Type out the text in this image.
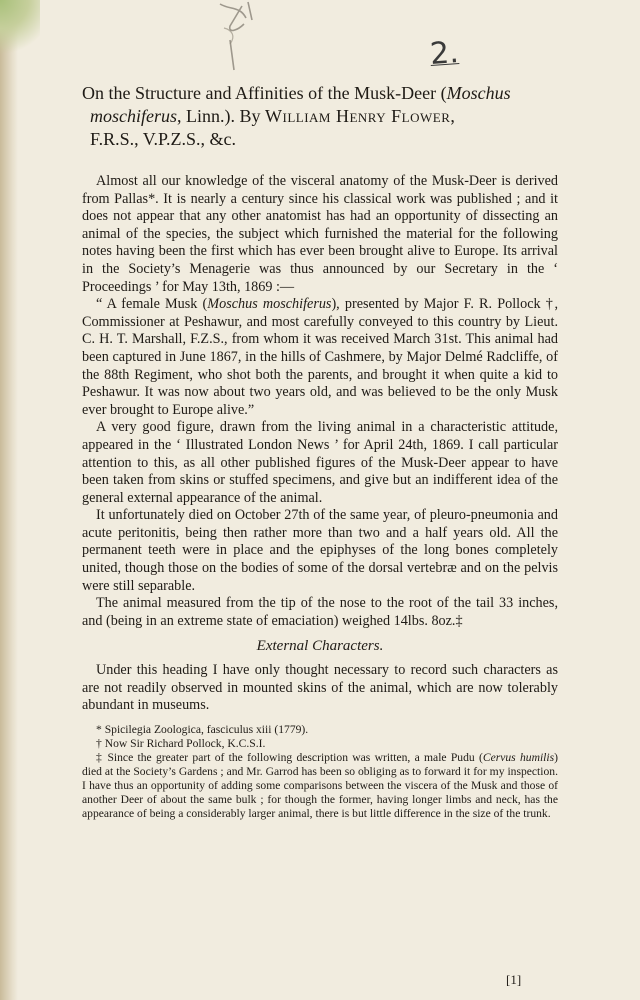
2.
On the Structure and Affinities of the Musk-Deer (Moschus
moschiferus, Linn.). By William Henry Flower,
F.R.S., V.P.Z.S., &c.

Almost all our knowledge of the visceral anatomy of the Musk-Deer is derived from Pallas*. It is nearly a century since his classical work was published ; and it does not appear that any other anatomist has had an opportunity of dissecting an animal of the species, the subject which furnished the material for the following notes having been the first which has ever been brought alive to Europe. Its arrival in the Society’s Menagerie was thus announced by our Secretary in the ‘ Proceedings ’ for May 13th, 1869 :—

“ A female Musk (Moschus moschiferus), presented by Major F. R. Pollock †, Commissioner at Peshawur, and most carefully conveyed to this country by Lieut. C. H. T. Marshall, F.Z.S., from whom it was received March 31st. This animal had been captured in June 1867, in the hills of Cashmere, by Major Delmé Radcliffe, of the 88th Regiment, who shot both the parents, and brought it when quite a kid to Peshawur. It was now about two years old, and was believed to be the only Musk ever brought to Europe alive.”

A very good figure, drawn from the living animal in a characteristic attitude, appeared in the ‘ Illustrated London News ’ for April 24th, 1869. I call particular attention to this, as all other published figures of the Musk-Deer appear to have been taken from skins or stuffed specimens, and give but an indifferent idea of the general external appearance of the animal.

It unfortunately died on October 27th of the same year, of pleuro-pneumonia and acute peritonitis, being then rather more than two and a half years old. All the permanent teeth were in place and the epiphyses of the long bones completely united, though those on the bodies of some of the dorsal vertebræ and on the pelvis were still separable.

The animal measured from the tip of the nose to the root of the tail 33 inches, and (being in an extreme state of emaciation) weighed 14lbs. 8oz.‡

External Characters.

Under this heading I have only thought necessary to record such characters as are not readily observed in mounted skins of the animal, which are now tolerably abundant in museums.

* Spicilegia Zoologica, fasciculus xiii (1779).

† Now Sir Richard Pollock, K.C.S.I.

‡ Since the greater part of the following description was written, a male Pudu (Cervus humilis) died at the Society’s Gardens ; and Mr. Garrod has been so obliging as to forward it for my inspection. I have thus an opportunity of adding some comparisons between the viscera of the Musk and those of another Deer of about the same bulk ; for though the former, having longer limbs and neck, has the appearance of being a considerably larger animal, there is but little difference in the size of the trunk.

[1]
